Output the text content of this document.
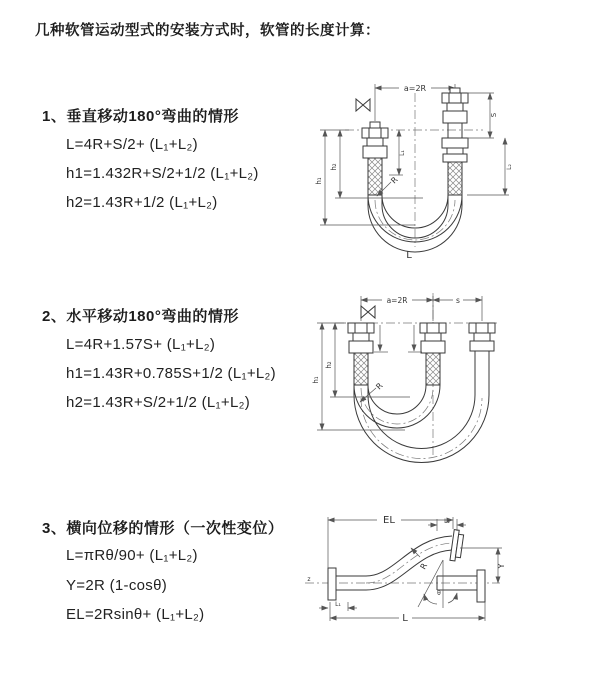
几种软管运动型式的安装方式时，软管的长度计算：
1、垂直移动180°弯曲的情形
L=4R+S/2+ (L₁+L₂)
h1=1.432R+S/2+1/2 (L₁+L₂)
h2=1.43R+1/2 (L₁+L₂)
2、水平移动180°弯曲的情形
L=4R+1.57S+ (L₁+L₂)
h1=1.43R+0.785S+1/2 (L₁+L₂)
h2=1.43R+S/2+1/2 (L₁+L₂)
3、横向位移的情形（一次性变位）
L=πRθ/90+ (L₁+L₂)
Y=2R (1-cosθ)
EL=2Rsinθ+ (L₁+L₂)
a=2R
h₁
h₂
L₁
S
L₂
R
L
a=2R	s
h₁
h₂
R
z
EL	L₂
Y
θ
R
L
L₁
